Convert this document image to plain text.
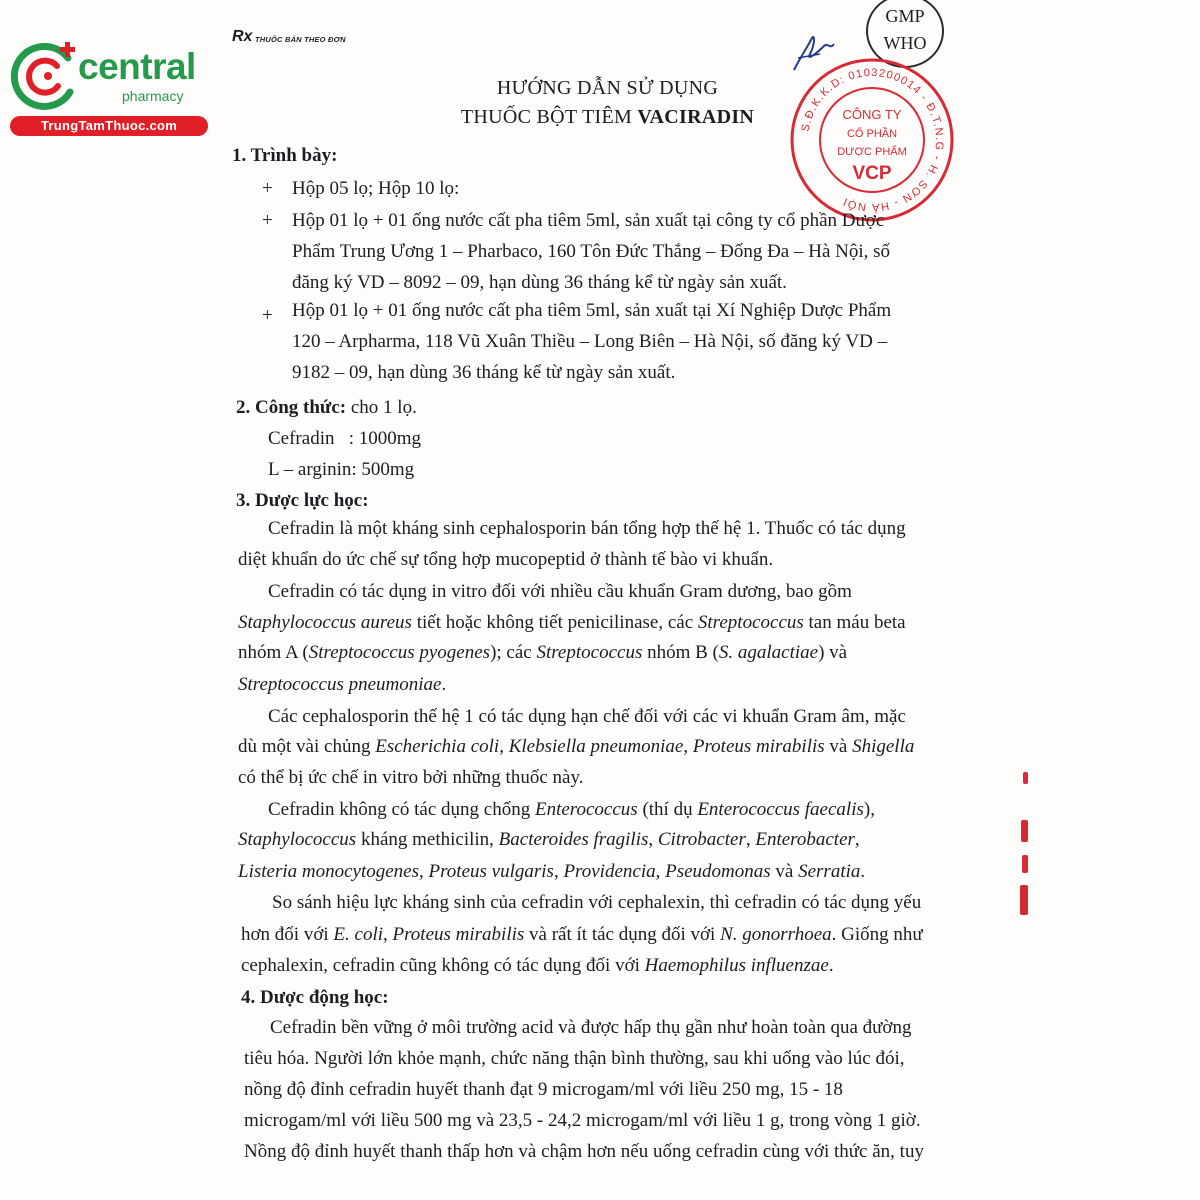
central
pharmacy
TrungTamThuoc.com
Rx THUỐC BÁN THEO ĐƠN
GMP
WHO
S.Đ.K.K.D: 0103200014 - Đ.T.N.G - H. SƠN - HÀ NỘI
CÔNG TY
CỔ PHẦN
DƯỢC PHẨM
VCP
HƯỚNG DẪN SỬ DỤNG
THUỐC BỘT TIÊM VACIRADIN
1. Trình bày:
+ Hộp 05 lọ; Hộp 10 lọ:
+ Hộp 01 lọ + 01 ống nước cất pha tiêm 5ml, sản xuất tại công ty cổ phần Dược
Phẩm Trung Ương 1 – Pharbaco, 160 Tôn Đức Thắng – Đống Đa – Hà Nội, số
đăng ký VD – 8092 – 09, hạn dùng 36 tháng kể từ ngày sản xuất.
+ Hộp 01 lọ + 01 ống nước cất pha tiêm 5ml, sản xuất tại Xí Nghiệp Dược Phẩm
120 – Arpharma, 118 Vũ Xuân Thiều – Long Biên – Hà Nội, số đăng ký VD –
9182 – 09, hạn dùng 36 tháng kể từ ngày sản xuất.
2. Công thức: cho 1 lọ.
Cefradin   : 1000mg
L – arginin: 500mg
3. Dược lực học:
Cefradin là một kháng sinh cephalosporin bán tổng hợp thế hệ 1. Thuốc có tác dụng
diệt khuẩn do ức chế sự tổng hợp mucopeptid ở thành tế bào vi khuẩn.
Cefradin có tác dụng in vitro đối với nhiều cầu khuẩn Gram dương, bao gồm
Staphylococcus aureus tiết hoặc không tiết penicilinase, các Streptococcus tan máu beta
nhóm A (Streptococcus pyogenes); các Streptococcus nhóm B (S. agalactiae) và
Streptococcus pneumoniae.
Các cephalosporin thế hệ 1 có tác dụng hạn chế đối với các vi khuẩn Gram âm, mặc
dù một vài chủng Escherichia coli, Klebsiella pneumoniae, Proteus mirabilis và Shigella
có thể bị ức chế in vitro bởi những thuốc này.
Cefradin không có tác dụng chống Enterococcus (thí dụ Enterococcus faecalis),
Staphylococcus kháng methicilin, Bacteroides fragilis, Citrobacter, Enterobacter,
Listeria monocytogenes, Proteus vulgaris, Providencia, Pseudomonas và Serratia.
So sánh hiệu lực kháng sinh của cefradin với cephalexin, thì cefradin có tác dụng yếu
hơn đối với E. coli, Proteus mirabilis và rất ít tác dụng đối với N. gonorrhoea. Giống như
cephalexin, cefradin cũng không có tác dụng đối với Haemophilus influenzae.
4. Dược động học:
Cefradin bền vững ở môi trường acid và được hấp thụ gần như hoàn toàn qua đường
tiêu hóa. Người lớn khỏe mạnh, chức năng thận bình thường, sau khi uống vào lúc đói,
nồng độ đỉnh cefradin huyết thanh đạt 9 microgam/ml với liều 250 mg, 15 - 18
microgam/ml với liều 500 mg và 23,5 - 24,2 microgam/ml với liều 1 g, trong vòng 1 giờ.
Nồng độ đỉnh huyết thanh thấp hơn và chậm hơn nếu uống cefradin cùng với thức ăn, tuy
